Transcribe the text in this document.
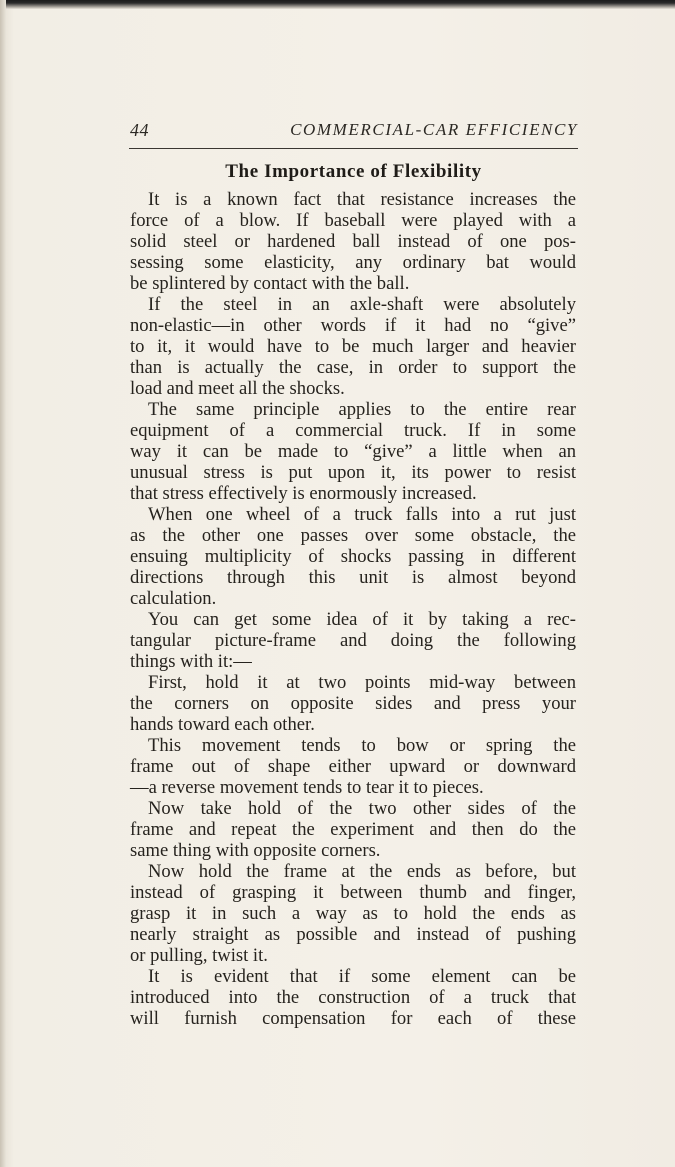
44	COMMERCIAL-CAR EFFICIENCY
The Importance of Flexibility
It is a known fact that resistance increases the
force of a blow. If baseball were played with a
solid steel or hardened ball instead of one pos-
sessing some elasticity, any ordinary bat would
be splintered by contact with the ball.
If the steel in an axle-shaft were absolutely
non-elastic—in other words if it had no “give”
to it, it would have to be much larger and heavier
than is actually the case, in order to support the
load and meet all the shocks.
The same principle applies to the entire rear
equipment of a commercial truck. If in some
way it can be made to “give” a little when an
unusual stress is put upon it, its power to resist
that stress effectively is enormously increased.
When one wheel of a truck falls into a rut just
as the other one passes over some obstacle, the
ensuing multiplicity of shocks passing in different
directions through this unit is almost beyond
calculation.
You can get some idea of it by taking a rec-
tangular picture-frame and doing the following
things with it:—
First, hold it at two points mid-way between
the corners on opposite sides and press your
hands toward each other.
This movement tends to bow or spring the
frame out of shape either upward or downward
—a reverse movement tends to tear it to pieces.
Now take hold of the two other sides of the
frame and repeat the experiment and then do the
same thing with opposite corners.
Now hold the frame at the ends as before, but
instead of grasping it between thumb and finger,
grasp it in such a way as to hold the ends as
nearly straight as possible and instead of pushing
or pulling, twist it.
It is evident that if some element can be
introduced into the construction of a truck that
will furnish compensation for each of these
